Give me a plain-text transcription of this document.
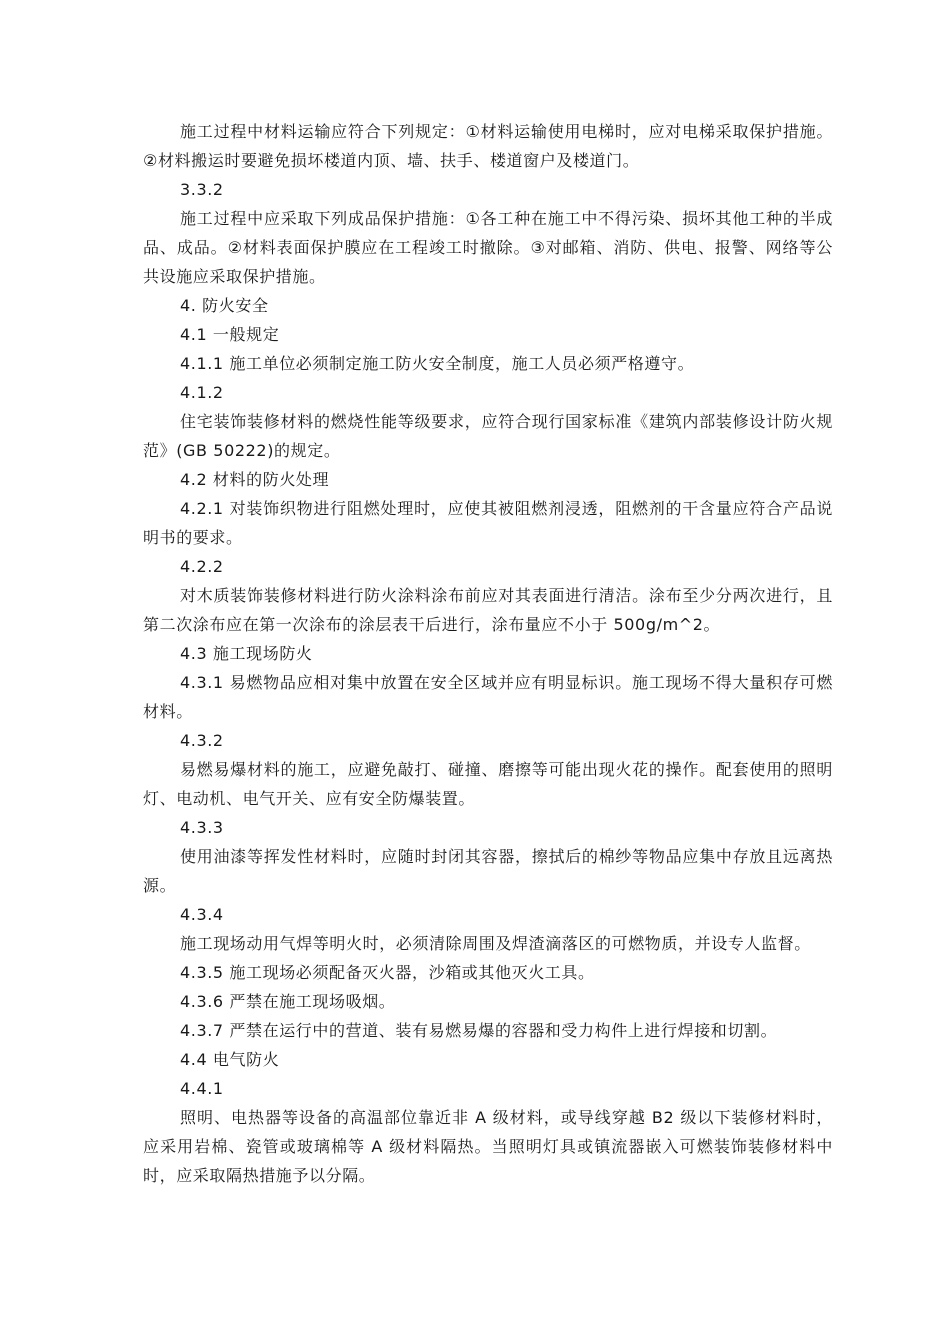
施工过程中材料运输应符合下列规定：①材料运输使用电梯时，应对电梯采取保护措施。②材料搬运时要避免损坏楼道内顶、墙、扶手、楼道窗户及楼道门。

3.3.2

施工过程中应采取下列成品保护措施：①各工种在施工中不得污染、损坏其他工种的半成品、成品。②材料表面保护膜应在工程竣工时撤除。③对邮箱、消防、供电、报警、网络等公共设施应采取保护措施。

4. 防火安全

4.1 一般规定

4.1.1 施工单位必须制定施工防火安全制度，施工人员必须严格遵守。

4.1.2

住宅装饰装修材料的燃烧性能等级要求，应符合现行国家标准《建筑内部装修设计防火规范》(GB 50222)的规定。

4.2 材料的防火处理

4.2.1 对装饰织物进行阻燃处理时，应使其被阻燃剂浸透，阻燃剂的干含量应符合产品说明书的要求。

4.2.2

对木质装饰装修材料进行防火涂料涂布前应对其表面进行清洁。涂布至少分两次进行，且第二次涂布应在第一次涂布的涂层表干后进行，涂布量应不小于 500g/m^2。

4.3 施工现场防火

4.3.1 易燃物品应相对集中放置在安全区域并应有明显标识。施工现场不得大量积存可燃材料。

4.3.2

易燃易爆材料的施工，应避免敲打、碰撞、磨擦等可能出现火花的操作。配套使用的照明灯、电动机、电气开关、应有安全防爆装置。

4.3.3

使用油漆等挥发性材料时，应随时封闭其容器，擦拭后的棉纱等物品应集中存放且远离热源。

4.3.4

施工现场动用气焊等明火时，必须清除周围及焊渣滴落区的可燃物质，并设专人监督。

4.3.5 施工现场必须配备灭火器，沙箱或其他灭火工具。

4.3.6 严禁在施工现场吸烟。

4.3.7 严禁在运行中的营道、装有易燃易爆的容器和受力构件上进行焊接和切割。

4.4 电气防火

4.4.1

照明、电热器等设备的高温部位靠近非 A 级材料，或导线穿越 B2 级以下装修材料时，应采用岩棉、瓷管或玻璃棉等 A 级材料隔热。当照明灯具或镇流器嵌入可燃装饰装修材料中时，应采取隔热措施予以分隔。
